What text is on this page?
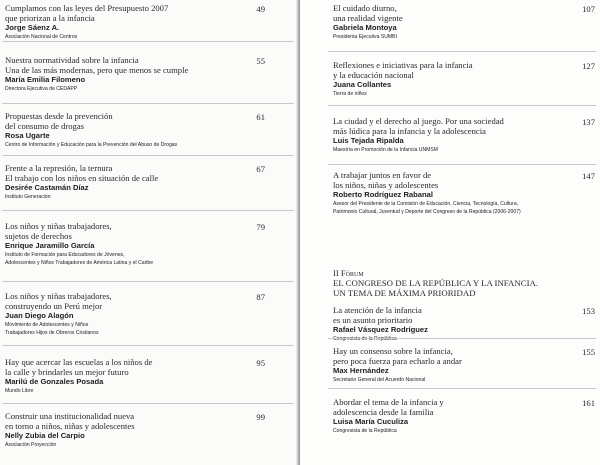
Cumplamos con las leyes del Presupuesto 2007
que priorizan a la infancia
Jorge Sáenz A.
Asociación Nacional de Centros
49
Nuestra normatividad sobre la infancia
Una de las más modernas, pero que menos se cumple
María Emilia Filomeno
Directora Ejecutiva de CEDAPP
55
Propuestas desde la prevención
del consumo de drogas
Rosa Ugarte
Centro de Información y Educación para la Prevención del Abuso de Drogas
61
Frente a la represión, la ternura
El trabajo con los niños en situación de calle
Desirée Castamán Díaz
Instituto Generación
67
Los niños y niñas trabajadores,
sujetos de derechos
Enrique Jaramillo García
Instituto de Formación para Educadores de Jóvenes,
Adolescentes y Niños Trabajadores de América Latina y el Caribe
79
Los niños y niñas trabajadores,
construyendo un Perú mejor
Juan Diego Alagón
Movimiento de Adolescentes y Niños
Trabajadores Hijos de Obreros Cristianos
87
Hay que acercar las escuelas a los niños de
la calle y brindarles un mejor futuro
Marilú de Gonzales Posada
Mundo Libre
95
Construir una institucionalidad nueva
en torno a niños, niñas y adolescentes
Nelly Zubia del Carpio
Asociación Proyección
99
II Fórum
EL CONGRESO DE LA REPÚBLICA Y LA INFANCIA.
UN TEMA DE MÁXIMA PRIORIDAD
El cuidado diurno,
una realidad vigente
Gabriela Montoya
Presidenta Ejecutiva SUMBI
107
Reflexiones e iniciativas para la infancia
y la educación nacional
Juana Collantes
Tierra de niños
127
La ciudad y el derecho al juego. Por una sociedad
más lúdica para la infancia y la adolescencia
Luis Tejada Ripalda
Maestría en Promoción de la Infancia UNMSM
137
A trabajar juntos en favor de
los niños, niñas y adolescentes
Roberto Rodríguez Rabanal
Asesor del Presidente de la Comisión de Educación, Ciencia, Tecnología, Cultura,
Patrimonio Cultural, Juventud y Deporte del Congreso de la República (2006-2007)
147
La atención de la infancia
es un asunto prioritario
Rafael Vásquez Rodríguez
Congresista de la República
153
Hay un consenso sobre la infancia,
pero poca fuerza para echarlo a andar
Max Hernández
Secretario General del Acuerdo Nacional
155
Abordar el tema de la infancia y
adolescencia desde la familia
Luisa María Cuculiza
Congresista de la República
161
